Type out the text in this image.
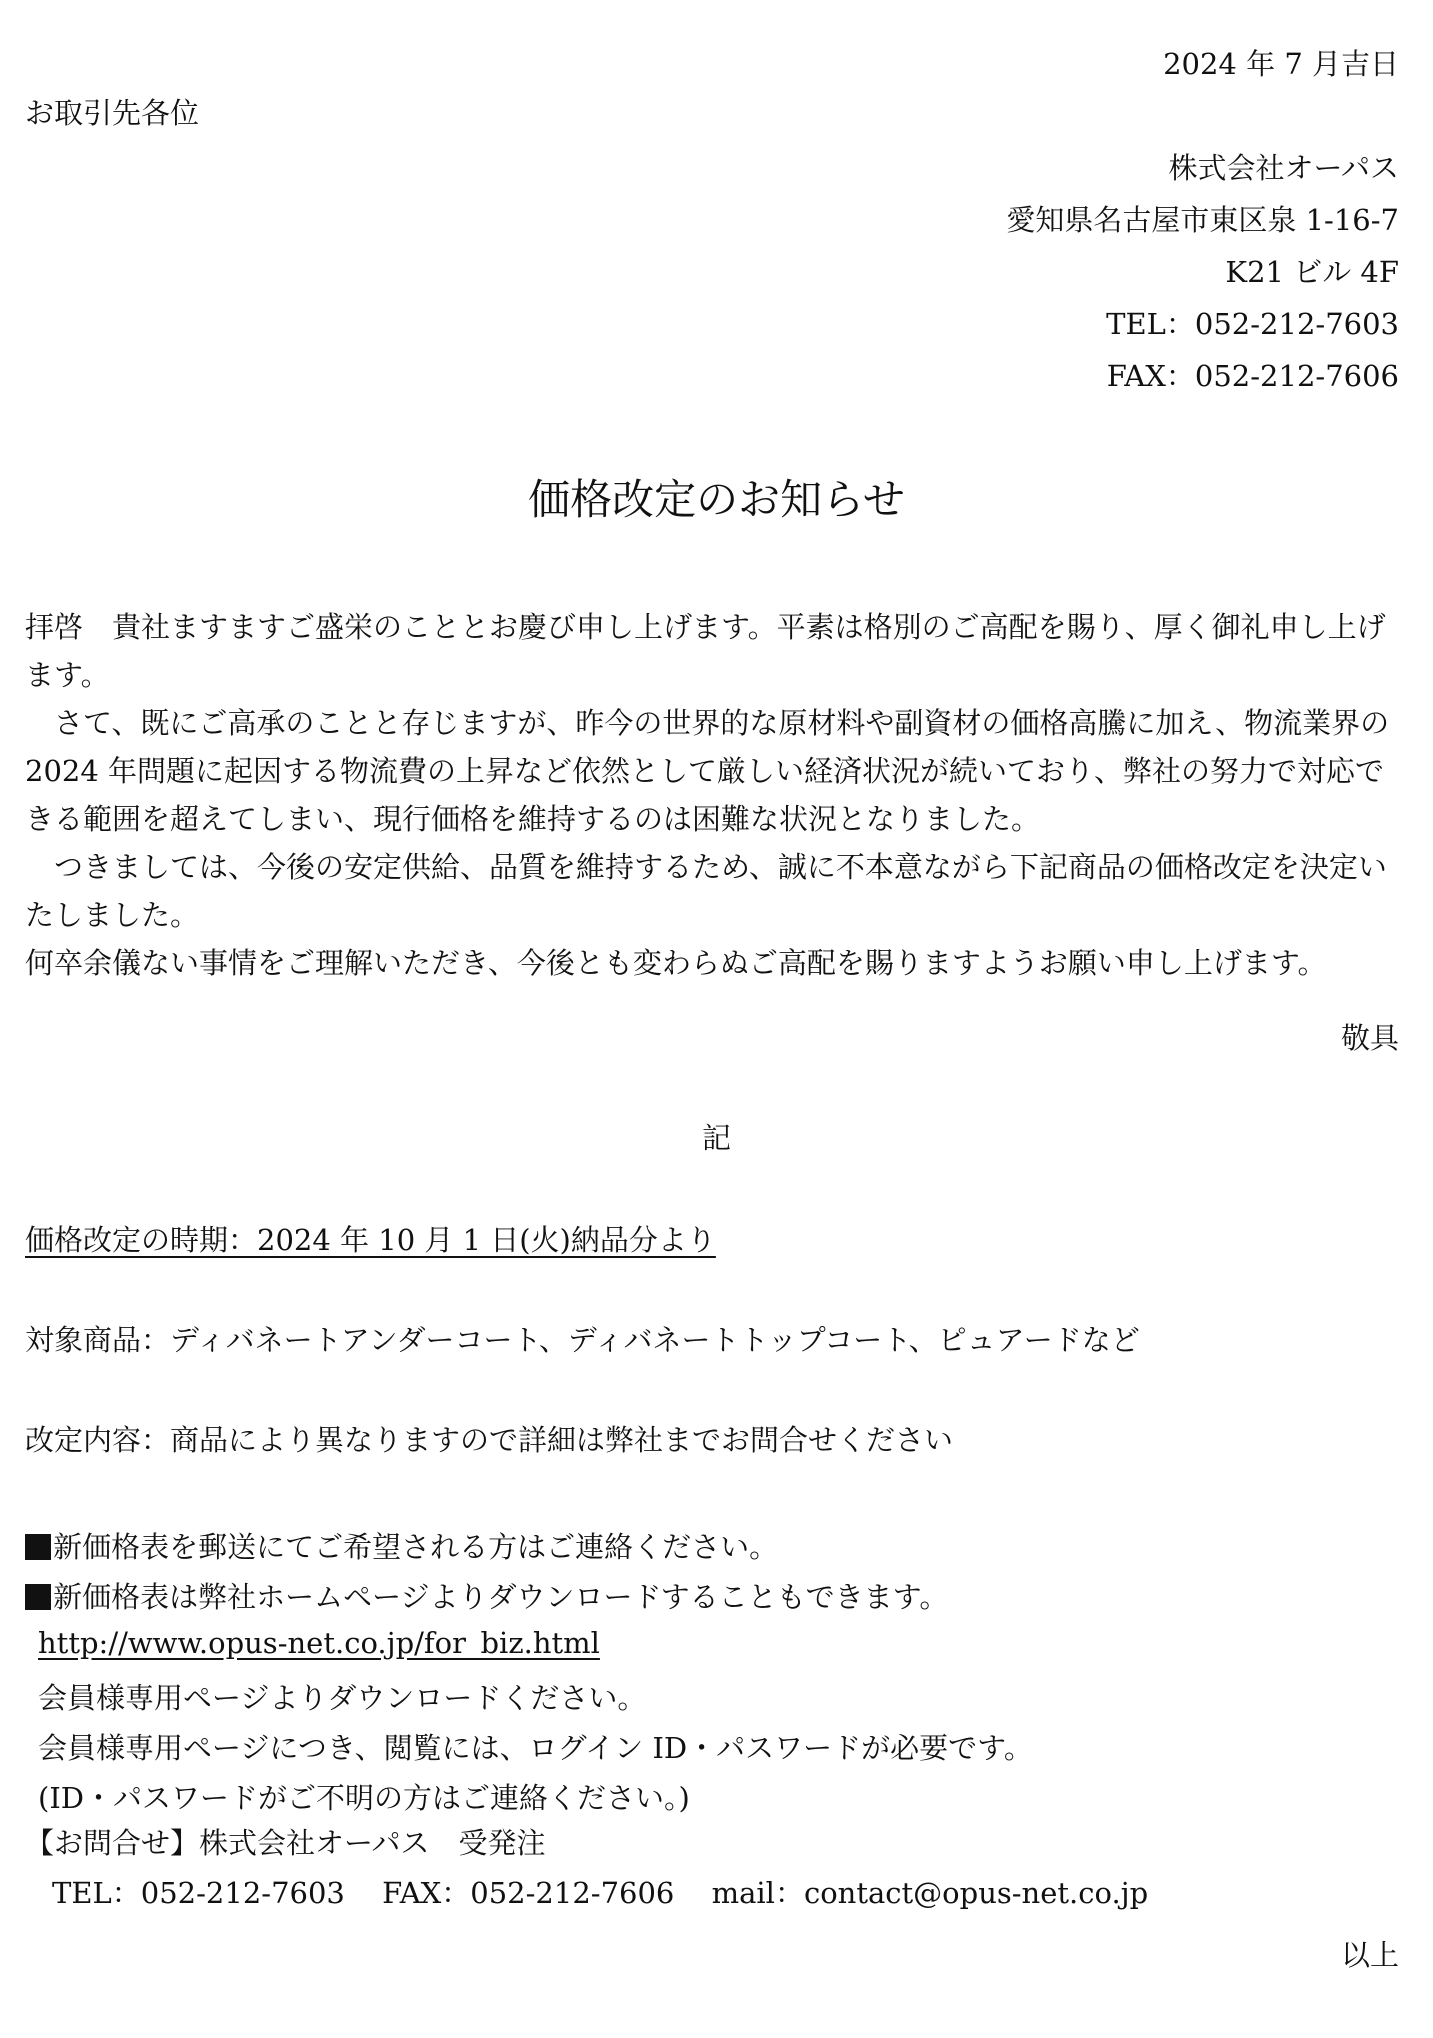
2024 年 7 月吉日
お取引先各位
株式会社オーパス
愛知県名古屋市東区泉 1-16-7
K21 ビル 4F
TEL：052-212-7603
FAX：052-212-7606
価格改定のお知らせ

拝啓　貴社ますますご盛栄のこととお慶び申し上げます。平素は格別のご高配を賜り、厚く御礼申し上げます。

さて、既にご高承のことと存じますが、昨今の世界的な原材料や副資材の価格高騰に加え、物流業界の 2024 年問題に起因する物流費の上昇など依然として厳しい経済状況が続いており、弊社の努力で対応できる範囲を超えてしまい、現行価格を維持するのは困難な状況となりました。

つきましては、今後の安定供給、品質を維持するため、誠に不本意ながら下記商品の価格改定を決定いたしました。

何卒余儀ない事情をご理解いただき、今後とも変わらぬご高配を賜りますようお願い申し上げます。

敬具
記
価格改定の時期：2024 年 10 月 1 日(火)納品分より
対象商品：ディバネートアンダーコート、ディバネートトップコート、ピュアードなど
改定内容：商品により異なりますので詳細は弊社までお問合せください
新価格表を郵送にてご希望される方はご連絡ください。
新価格表は弊社ホームページよりダウンロードすることもできます。
http://www.opus-net.co.jp/for_biz.html
会員様専用ページよりダウンロードください。
会員様専用ページにつき、閲覧には、ログイン ID・パスワードが必要です。
(ID・パスワードがご不明の方はご連絡ください。)
【お問合せ】株式会社オーパス　受発注
TEL：052-212-7603 FAX：052-212-7606 mail：contact@opus-net.co.jp
以上
